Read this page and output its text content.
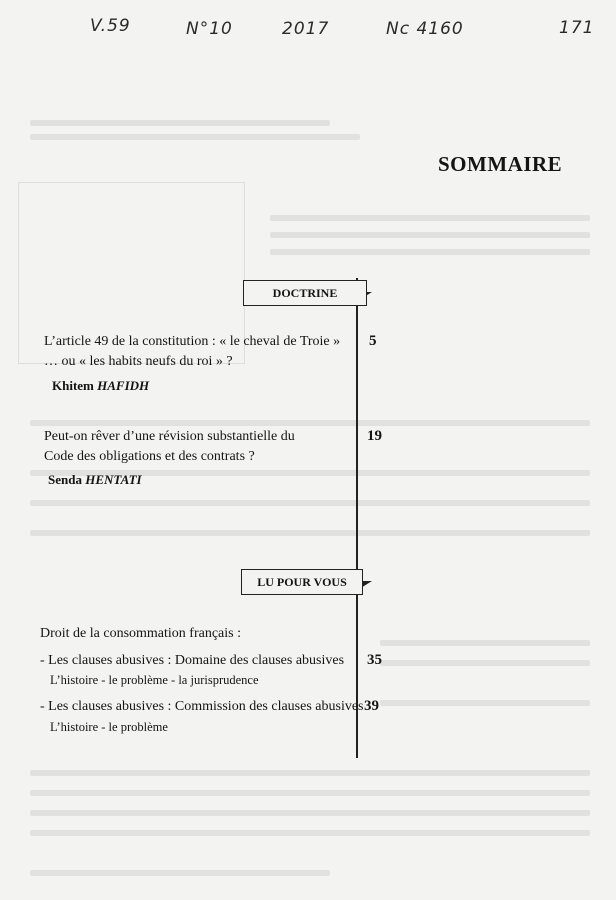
V.59	N°10	2017	Nc 4160	171
SOMMAIRE
DOCTRINE
L’article 49 de la constitution : « le cheval de Troie »
… ou « les habits neufs du roi » ?
5
Khitem HAFIDH
Peut-on rêver d’une révision substantielle du
Code des obligations et des contrats ?
19
Senda HENTATI
LU POUR VOUS
Droit de la consommation français :
- Les clauses abusives : Domaine des clauses abusives 35
L’histoire - le problème - la jurisprudence
- Les clauses abusives : Commission des clauses abusives 39
L’histoire - le problème
